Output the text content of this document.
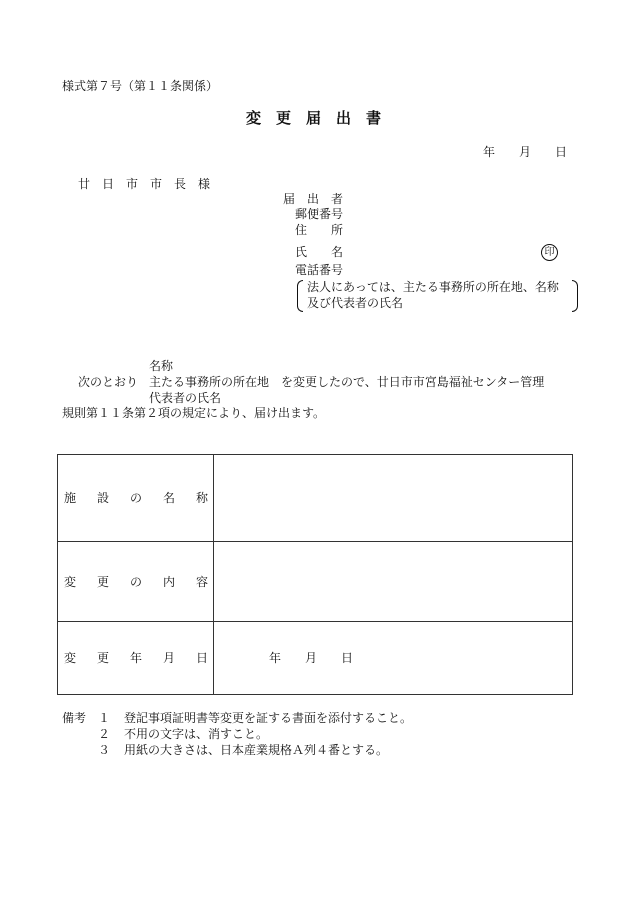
様式第７号（第１１条関係）
変　更　届　出　書
年　　月　　日
廿　日　市　市　長　様
届　出　者
郵便番号
住　　所
氏　　名	印
電話番号
法人にあっては、主たる事務所の所在地、名称
及び代表者の氏名
名称
次のとおり 主たる事務所の所在地　を変更したので、廿日市市宮島福祉センター管理
代表者の氏名
規則第１１条第２項の規定により、届け出ます。
施　設　の　名　称
変　更　の　内　容
変　更　年　月　日	年　　月　　日
備考 １ 登記事項証明書等変更を証する書面を添付すること。
２ 不用の文字は、消すこと。
３ 用紙の大きさは、日本産業規格Ａ列４番とする。
